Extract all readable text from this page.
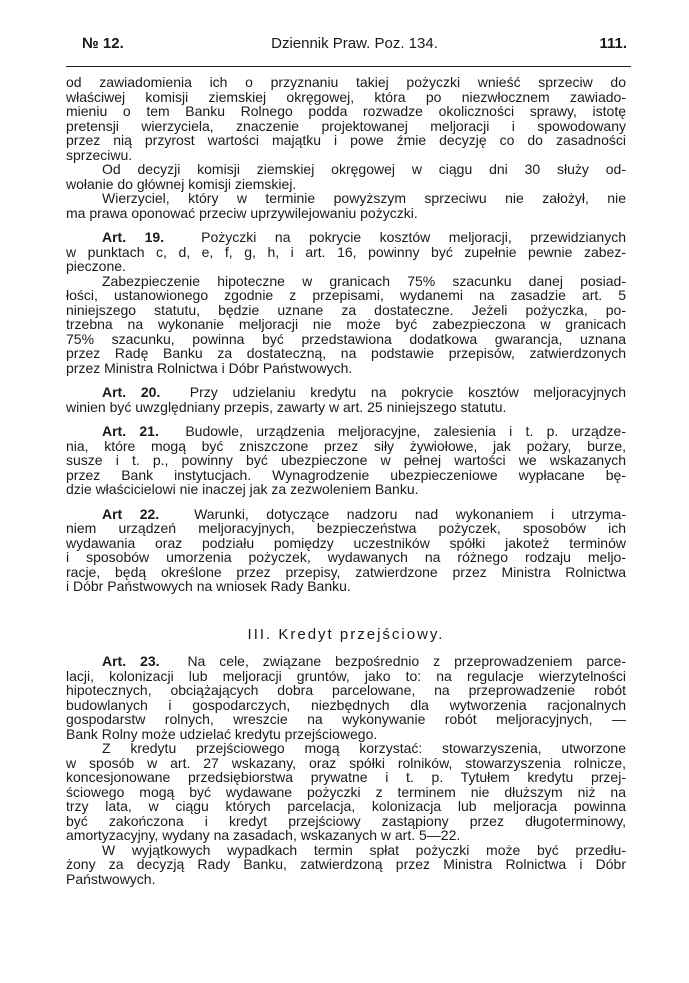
№ 12.	Dziennik Praw. Poz. 134.	111.
od zawiadomienia ich o przyznaniu takiej pożyczki wnieść sprzeciw do
właściwej komisji ziemskiej okręgowej, która po niezwłocznem zawiado-
mieniu o tem Banku Rolnego podda rozwadze okoliczności sprawy, istotę
pretensji wierzyciela, znaczenie projektowanej meljoracji i spowodowany
przez nią przyrost wartości majątku i powe źmie decyzję co do zasadności
sprzeciwu.
Od decyzji komisji ziemskiej okręgowej w ciągu dni 30 służy od-
wołanie do głównej komisji ziemskiej.
Wierzyciel, który w terminie powyższym sprzeciwu nie założył, nie
ma prawa oponować przeciw uprzywilejowaniu pożyczki.
Art. 19.	Pożyczki na pokrycie kosztów meljoracji, przewidzianych
w punktach c, d, e, f, g, h, i art. 16, powinny być zupełnie pewnie zabez-
pieczone.
Zabezpieczenie hipoteczne w granicach 75% szacunku danej posiad-
łości, ustanowionego zgodnie z przepisami, wydanemi na zasadzie art. 5
niniejszego statutu, będzie uznane za dostateczne. Jeżeli pożyczka, po-
trzebna na wykonanie meljoracji nie może być zabezpieczona w granicach
75% szacunku, powinna być przedstawiona dodatkowa gwarancja, uznana
przez Radę Banku za dostateczną, na podstawie przepisów, zatwierdzonych
przez Ministra Rolnictwa i Dóbr Państwowych.
Art. 20. Przy udzielaniu kredytu na pokrycie kosztów meljoracyjnych
winien być uwzględniany przepis, zawarty w art. 25 niniejszego statutu.
Art. 21. Budowle, urządzenia meljoracyjne, zalesienia i t. p. urządze-
nia, które mogą być zniszczone przez siły żywiołowe, jak pożary, burze,
susze i t. p., powinny być ubezpieczone w pełnej wartości we wskazanych
przez Bank instytucjach. Wynagrodzenie ubezpieczeniowe wypłacane bę-
dzie właścicielowi nie inaczej jak za zezwoleniem Banku.
Art 22. Warunki, dotyczące nadzoru nad wykonaniem i utrzyma-
niem urządzeń meljoracyjnych, bezpieczeństwa pożyczek, sposobów ich
wydawania oraz podziału pomiędzy uczestników spółki jakoteż terminów
i sposobów umorzenia pożyczek, wydawanych na różnego rodzaju meljo-
racje, będą określone przez przepisy, zatwierdzone przez Ministra Rolnictwa
i Dóbr Państwowych na wniosek Rady Banku.
III. Kredyt przejściowy.
Art. 23. Na cele, związane bezpośrednio z przeprowadzeniem parce-
lacji, kolonizacji lub meljoracji gruntów, jako to: na regulacje wierzytelności
hipotecznych, obciążających dobra parcelowane, na przeprowadzenie robót
budowlanych i gospodarczych, niezbędnych dla wytworzenia racjonalnych
gospodarstw rolnych, wreszcie na wykonywanie robót meljoracyjnych, —
Bank Rolny może udzielać kredytu przejściowego.
Z kredytu przejściowego mogą korzystać: stowarzyszenia, utworzone
w sposób w art. 27 wskazany, oraz spółki rolników, stowarzyszenia rolnicze,
koncesjonowane przedsiębiorstwa prywatne i t. p. Tytułem kredytu przej-
ściowego mogą być wydawane pożyczki z terminem nie dłuższym niż na
trzy lata, w ciągu których parcelacja, kolonizacja lub meljoracja powinna
być zakończona i kredyt przejściowy zastąpiony przez długoterminowy,
amortyzacyjny, wydany na zasadach, wskazanych w art. 5—22.
W wyjątkowych wypadkach termin spłat pożyczki może być przedłu-
żony za decyzją Rady Banku, zatwierdzoną przez Ministra Rolnictwa i Dóbr
Państwowych.
